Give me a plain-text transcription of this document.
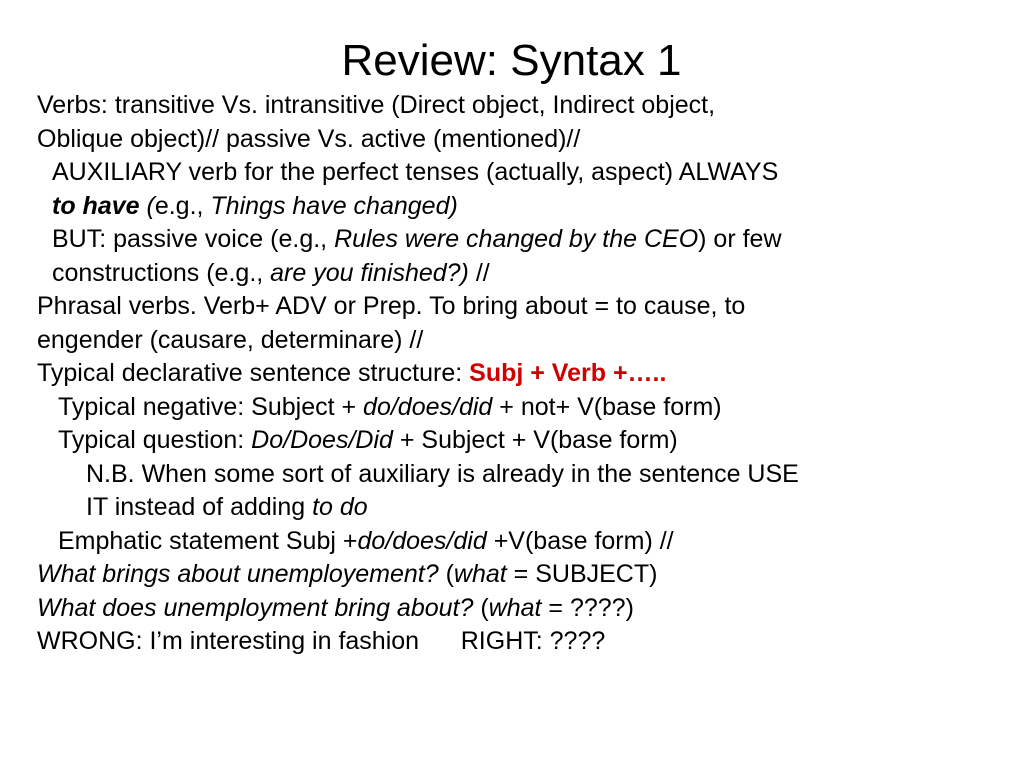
Review: Syntax 1
Verbs: transitive Vs. intransitive (Direct object, Indirect object,
Oblique object)// passive Vs. active (mentioned)//
AUXILIARY verb for the perfect tenses (actually, aspect) ALWAYS
to have (e.g., Things have changed)
BUT: passive voice (e.g., Rules were changed by the CEO) or few
constructions (e.g., are you finished?) //
Phrasal verbs. Verb+ ADV or Prep. To bring about = to cause, to
engender (causare, determinare) //
Typical declarative sentence structure: Subj + Verb +…..
Typical negative: Subject + do/does/did + not+ V(base form)
Typical question: Do/Does/Did + Subject + V(base form)
N.B. When some sort of auxiliary is already in the sentence USE
IT instead of adding to do
Emphatic statement Subj +do/does/did +V(base form) //
What brings about unemployement? (what = SUBJECT)
What does unemployment bring about? (what = ????)
WRONG: I’m interesting in fashion      RIGHT: ????
